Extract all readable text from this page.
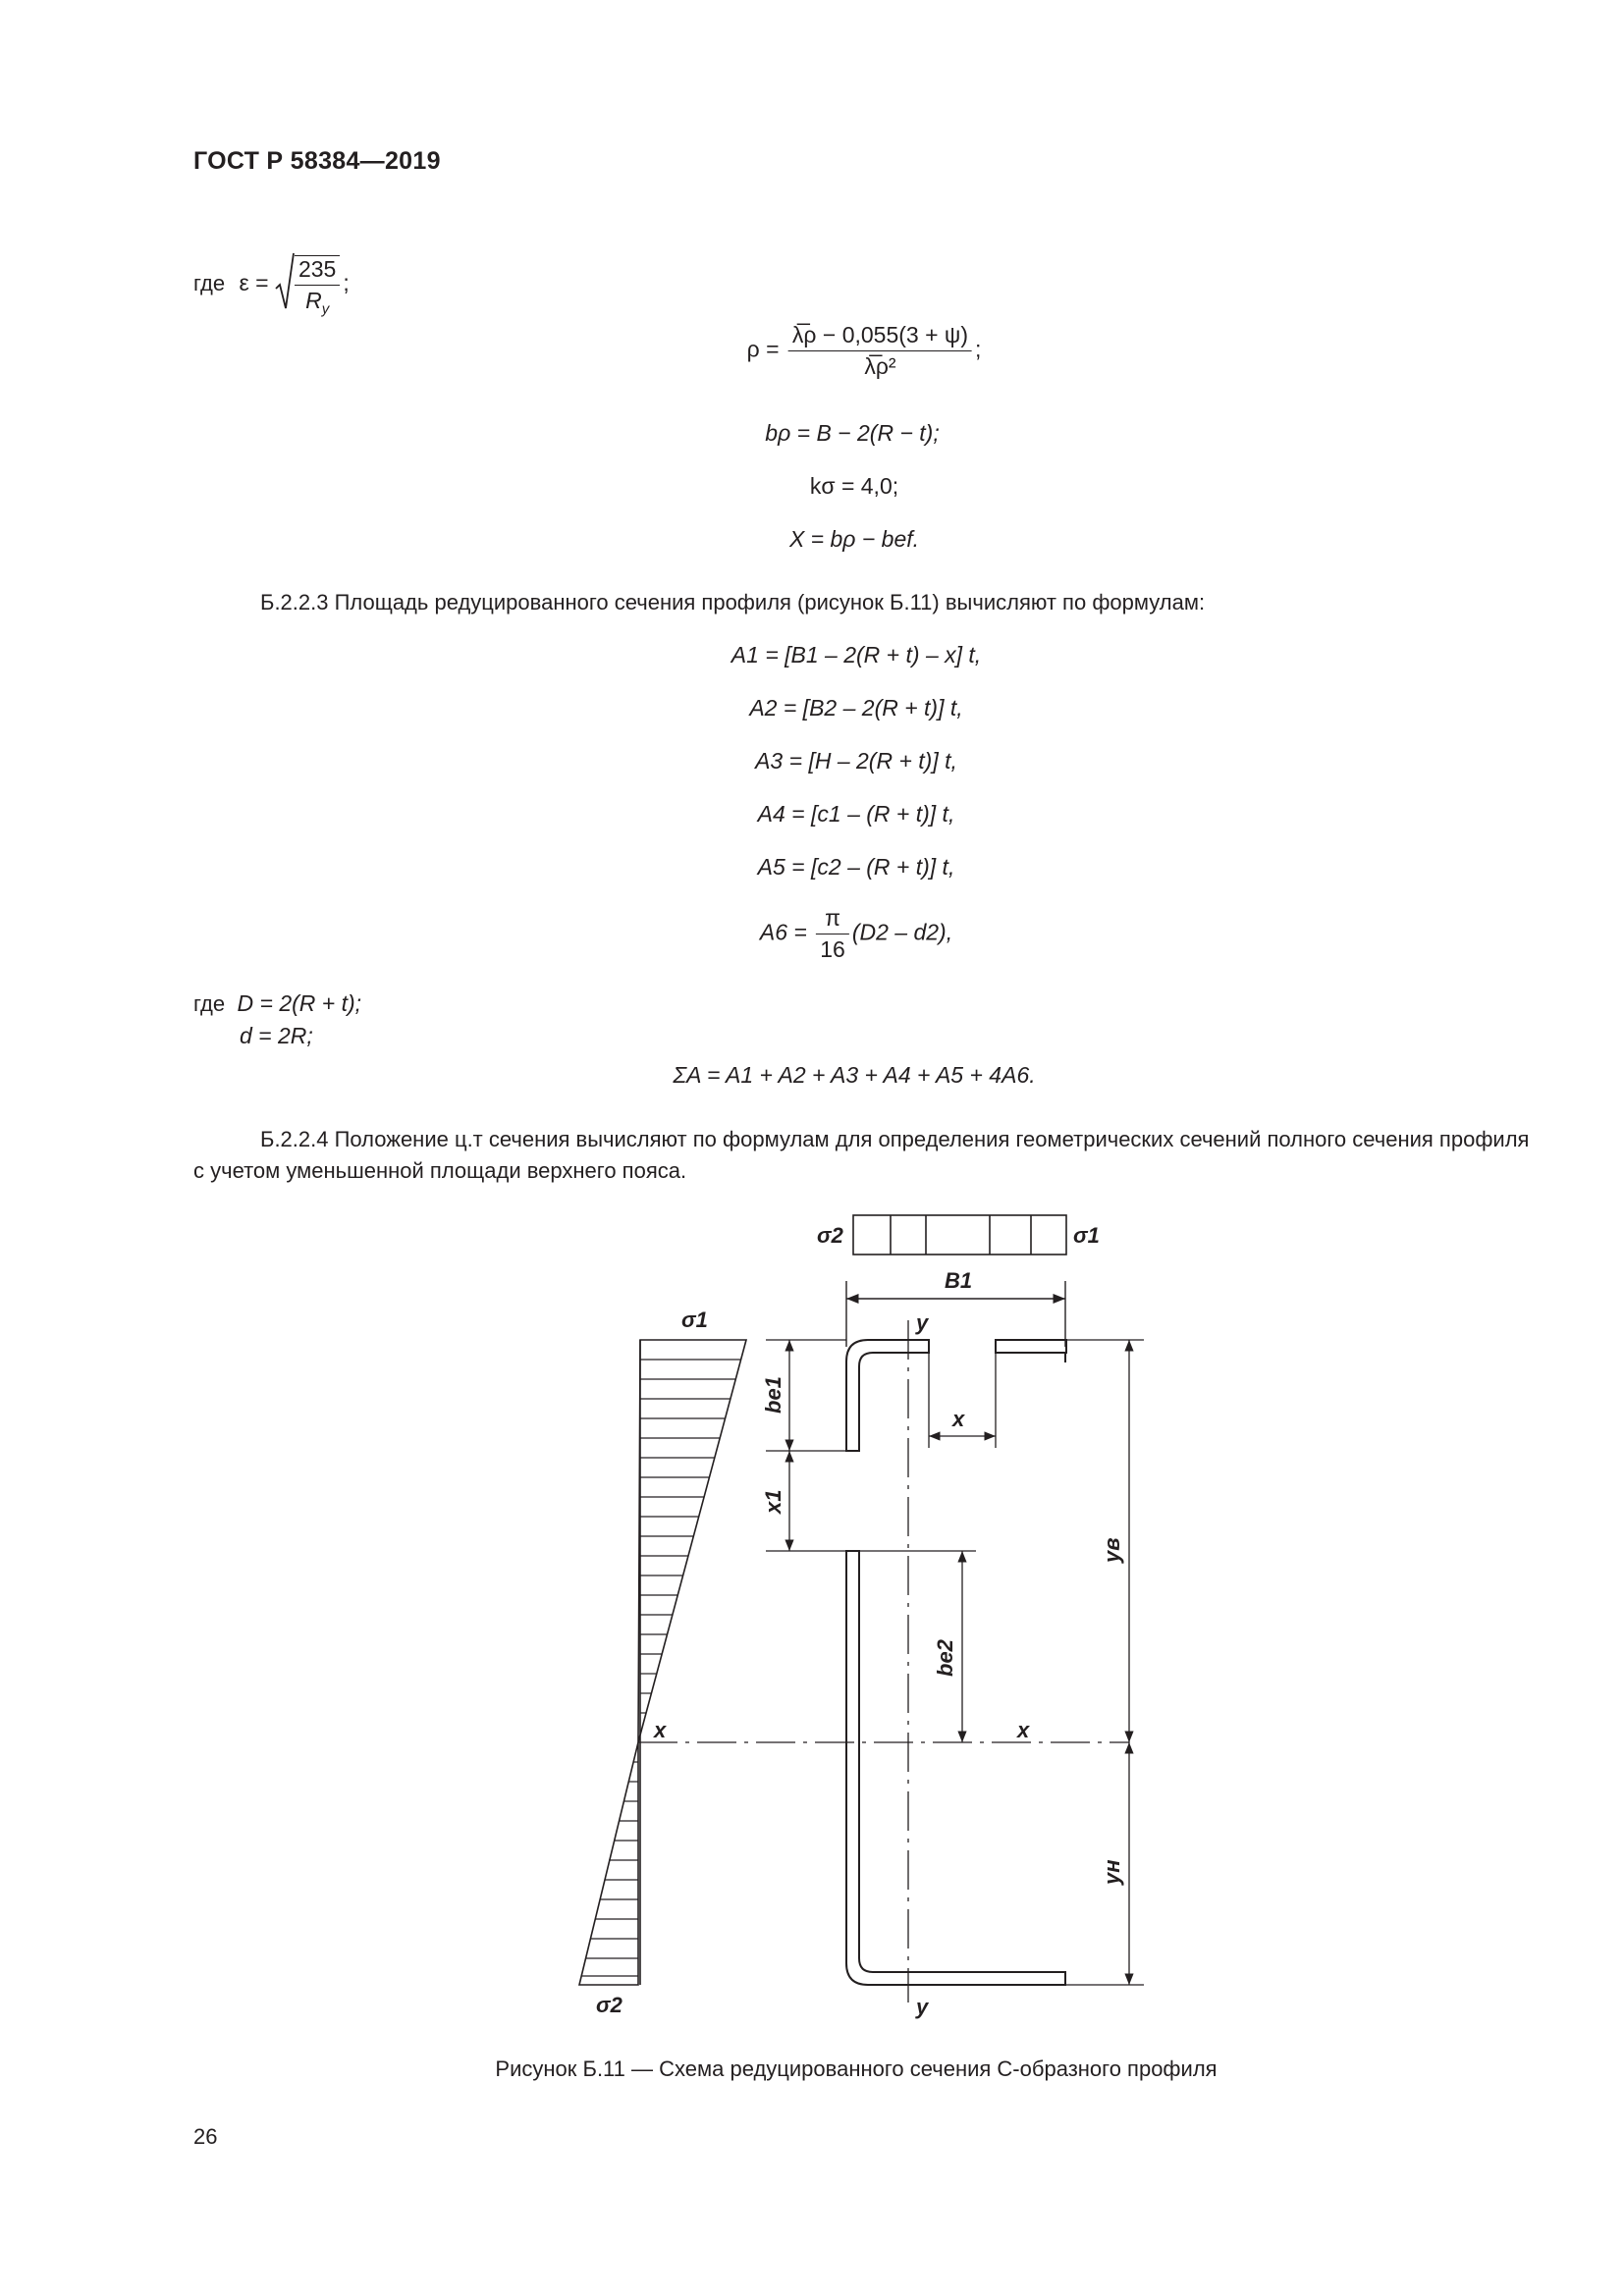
ГОСТ Р 58384—2019
где $\varepsilon = \frac{235}{R_y}$ ;
$\rho = \frac{\lambda̅\rho - 0,055(3 + \psi)}{\text{λ̅ρ²}}$ ;
bρ = B − 2(R − t);
kσ = 4,0;
X = bρ − bef.
Б.2.2.3 Площадь редуцированного сечения профиля (рисунок Б.11) вычисляют по формулам:
A1 = [B1 – 2(R + t) – x] t,
A2 = [B2 – 2(R + t)] t,
A3 = [H – 2(R + t)] t,
A4 = [c1 – (R + t)] t,
A5 = [c2 – (R + t)] t,
$A6 = \frac{\pi}{16} (D2 - d2)$,
где D = 2(R + t);
d = 2R;
ΣA = A1 + A2 + A3 + A4 + A5 + 4A6.
Б.2.2.4 Положение ц.т сечения вычисляют по формулам для определения геометрических сечений полного сечения профиля с учетом уменьшенной площади верхнего пояса.
σ2	σ1
B1
σ1	y
x
x	x
σ2	y
be1
x1
be2
yв
yн
Рисунок Б.11 — Схема редуцированного сечения С-образного профиля
26
